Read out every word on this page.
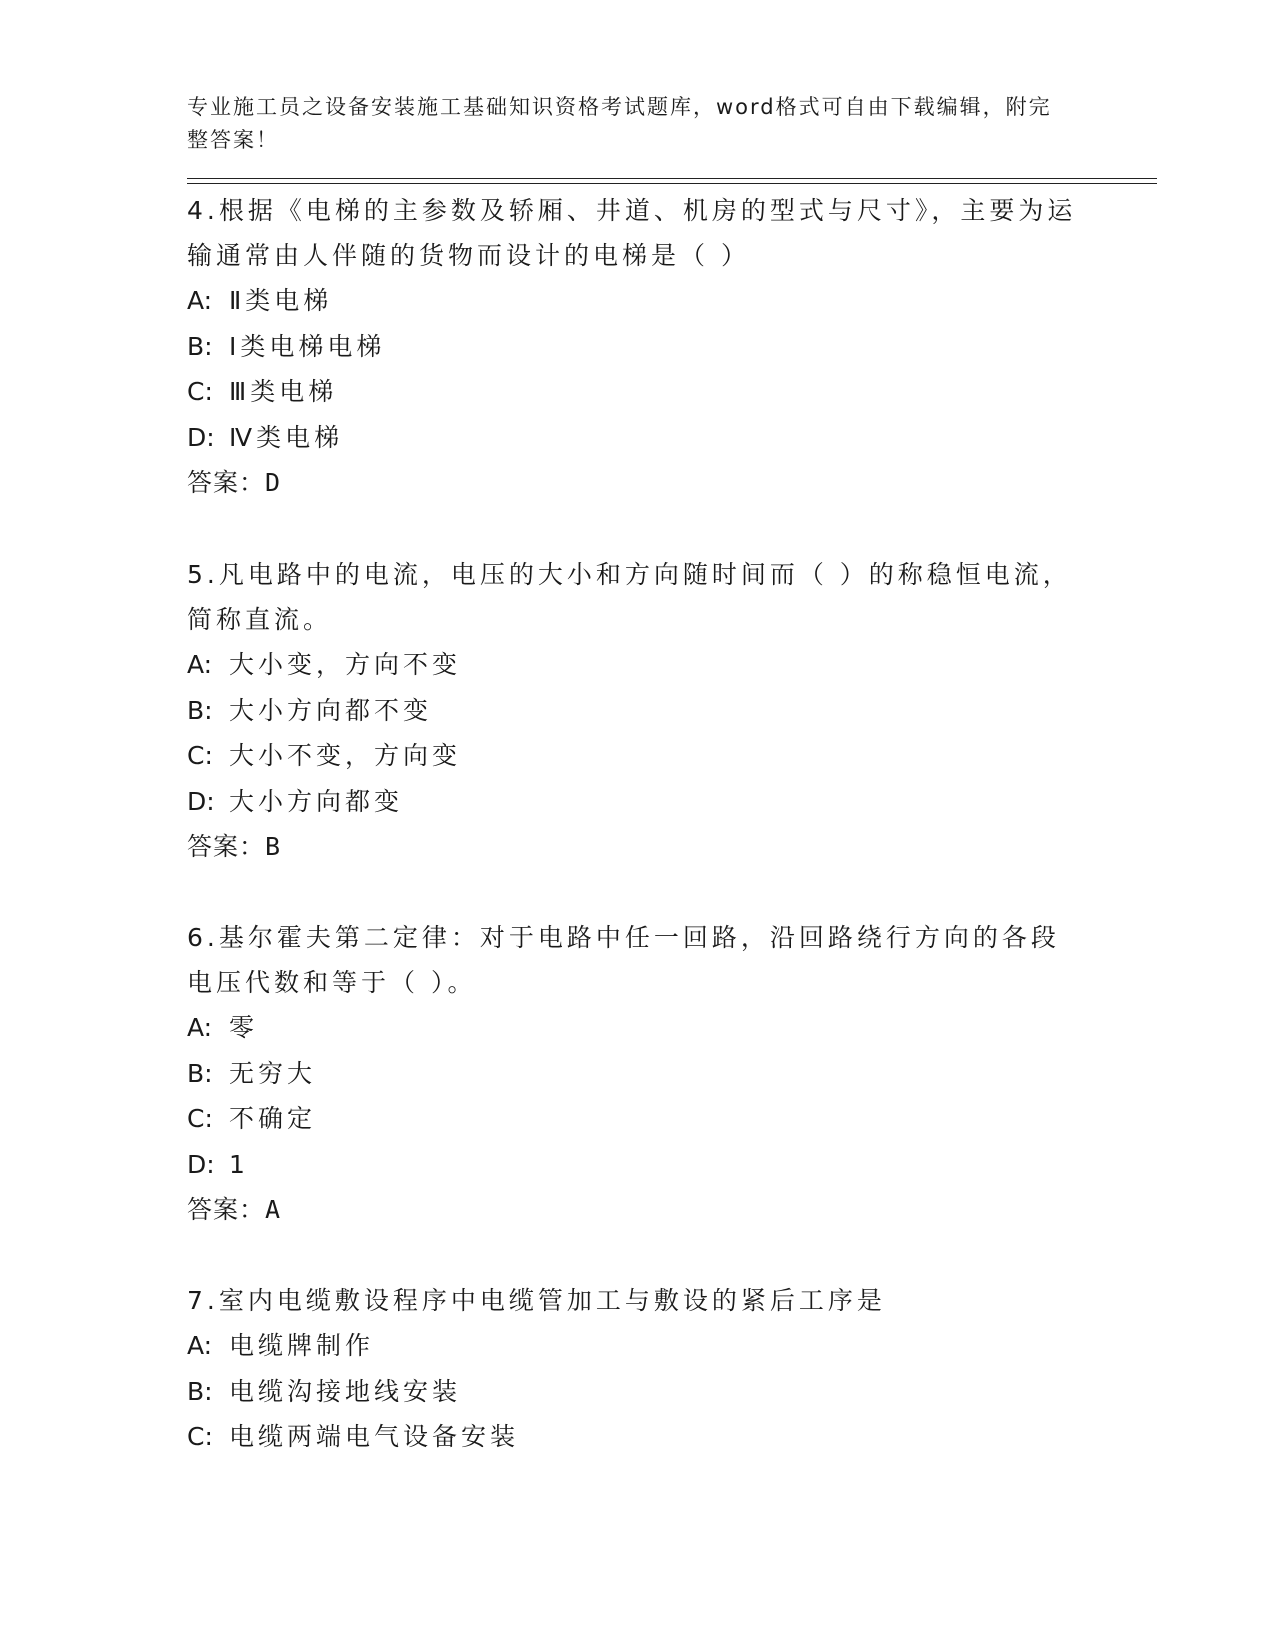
专业施工员之设备安装施工基础知识资格考试题库，word格式可自由下载编辑，附完整答案！

4.根据《电梯的主参数及轿厢、井道、机房的型式与尺寸》，主要为运输通常由人伴随的货物而设计的电梯是（ ）

A: Ⅱ类电梯

B: Ⅰ类电梯电梯

C: Ⅲ类电梯

D: Ⅳ类电梯

答案：D

5.凡电路中的电流，电压的大小和方向随时间而（ ）的称稳恒电流，简称直流。

A: 大小变，方向不变

B: 大小方向都不变

C: 大小不变，方向变

D: 大小方向都变

答案：B

6.基尔霍夫第二定律：对于电路中任一回路，沿回路绕行方向的各段电压代数和等于（ ）。

A: 零

B: 无穷大

C: 不确定

D: 1

答案：A

7.室内电缆敷设程序中电缆管加工与敷设的紧后工序是

A: 电缆牌制作

B: 电缆沟接地线安装

C: 电缆两端电气设备安装
